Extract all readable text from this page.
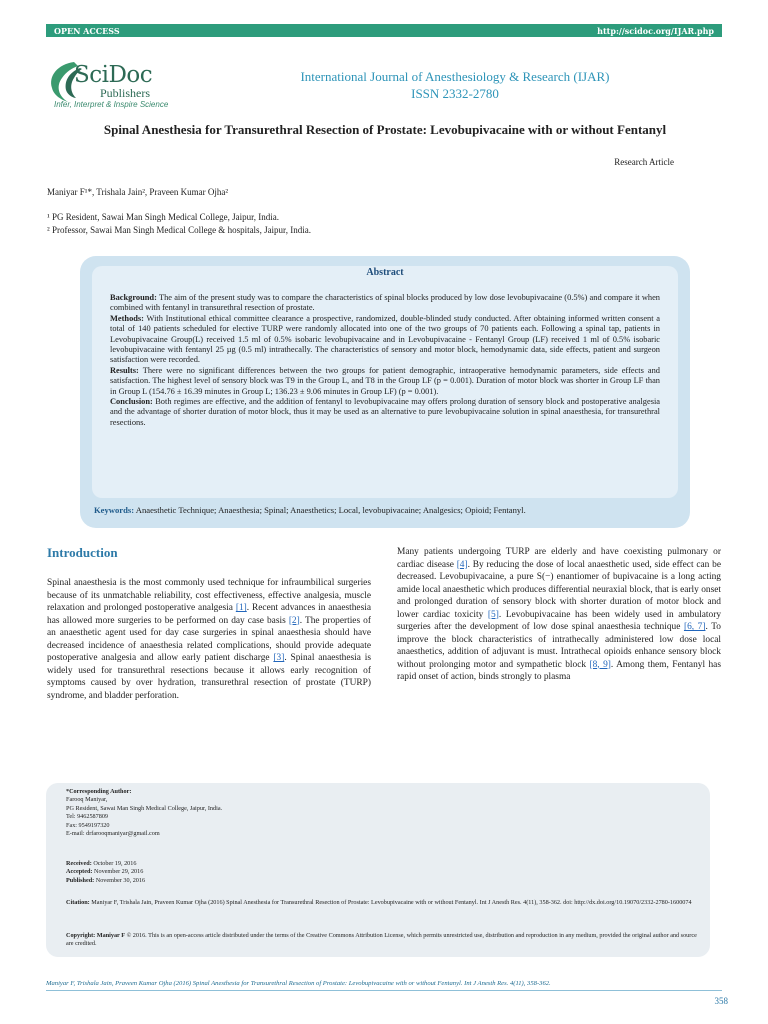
OPEN ACCESS	http://scidoc.org/IJAR.php
SciDoc
Publishers
Infer, Interpret & Inspire Science
International Journal of Anesthesiology & Research (IJAR)
ISSN 2332-2780
Spinal Anesthesia for Transurethral Resection of Prostate: Levobupivacaine with or without Fentanyl
Research Article
Maniyar F¹*, Trishala Jain², Praveen Kumar Ojha²
¹ PG Resident, Sawai Man Singh Medical College, Jaipur, India.
² Professor, Sawai Man Singh Medical College & hospitals, Jaipur, India.
Abstract

Background: The aim of the present study was to compare the characteristics of spinal blocks produced by low dose levobupivacaine (0.5%) and compare it when combined with fentanyl in transurethral resection of prostate.

Methods: With Institutional ethical committee clearance a prospective, randomized, double-blinded study conducted. After obtaining informed written consent a total of 140 patients scheduled for elective TURP were randomly allocated into one of the two groups of 70 patients each. Following a spinal tap, patients in Levobupivacaine Group(L) received 1.5 ml of 0.5% isobaric levobupivacaine and in Levobupivacaine - Fentanyl Group (LF) received 1 ml of 0.5% isobaric levobupivacaine with fentanyl 25 µg (0.5 ml) intrathecally. The characteristics of sensory and motor block, hemodynamic data, side effects, patient and surgeon satisfaction were recorded.

Results: There were no significant differences between the two groups for patient demographic, intraoperative hemodynamic parameters, side effects and satisfaction. The highest level of sensory block was T9 in the Group L, and T8 in the Group LF (p = 0.001). Duration of motor block was shorter in Group LF than in Group L (154.76 ± 16.39 minutes in Group L; 136.23 ± 9.06 minutes in Group LF) (p = 0.001).

Conclusion: Both regimes are effective, and the addition of fentanyl to levobupivacaine may offers prolong duration of sensory block and postoperative analgesia and the advantage of shorter duration of motor block, thus it may be used as an alternative to pure levobupivacaine solution in spinal anaesthesia, for transurethral resections.

Keywords: Anaesthetic Technique; Anaesthesia; Spinal; Anaesthetics; Local, levobupivacaine; Analgesics; Opioid; Fentanyl.
Introduction
Spinal anaesthesia is the most commonly used technique for infraumbilical surgeries because of its unmatchable reliability, cost effectiveness, effective analgesia, muscle relaxation and prolonged postoperative analgesia [1]. Recent advances in anaesthesia has allowed more surgeries to be performed on day case basis [2]. The properties of an anaesthetic agent used for day case surgeries in spinal anaesthesia should have decreased incidence of anaesthesia related complications, should provide adequate postoperative analgesia and allow early patient discharge [3]. Spinal anaesthesia is widely used for transurethral resections because it allows early recognition of symptoms caused by over hydration, transurethral resection of prostate (TURP) syndrome, and bladder perforation.
Many patients undergoing TURP are elderly and have coexisting pulmonary or cardiac disease [4]. By reducing the dose of local anaesthetic used, side effect can be decreased. Levobupivacaine, a pure S(−) enantiomer of bupivacaine is a long acting amide local anaesthetic which produces differential neuraxial block, that is early onset and prolonged duration of sensory block with shorter duration of motor block and lower cardiac toxicity [5]. Levobupivacaine has been widely used in ambulatory surgeries after the development of low dose spinal anaesthesia technique [6, 7]. To improve the block characteristics of intrathecally administered low dose local anaesthetics, addition of adjuvant is must. Intrathecal opioids enhance sensory block without prolonging motor and sympathetic block [8, 9]. Among them, Fentanyl has rapid onset of action, binds strongly to plasma
*Corresponding Author:
Farooq Maniyar,
PG Resident, Sawai Man Singh Medical College, Jaipur, India.
Tel: 9462587809
Fax: 9549197320
E-mail: drfarooqmaniyar@gmail.com
Received: October 19, 2016
Accepted: November 29, 2016
Published: November 30, 2016
Citation: Maniyar F, Trishala Jain, Praveen Kumar Ojha (2016) Spinal Anesthesia for Transurethral Resection of Prostate: Levobupivacaine with or without Fentanyl. Int J Anesth Res. 4(11), 358-362. doi: http://dx.doi.org/10.19070/2332-2780-1600074
Copyright: Maniyar F © 2016. This is an open-access article distributed under the terms of the Creative Commons Attribution License, which permits unrestricted use, distribution and reproduction in any medium, provided the original author and source are credited.
Maniyar F, Trishala Jain, Praveen Kumar Ojha (2016) Spinal Anesthesia for Transurethral Resection of Prostate: Levobupivacaine with or without Fentanyl. Int J Anesth Res. 4(11), 358-362.
358
